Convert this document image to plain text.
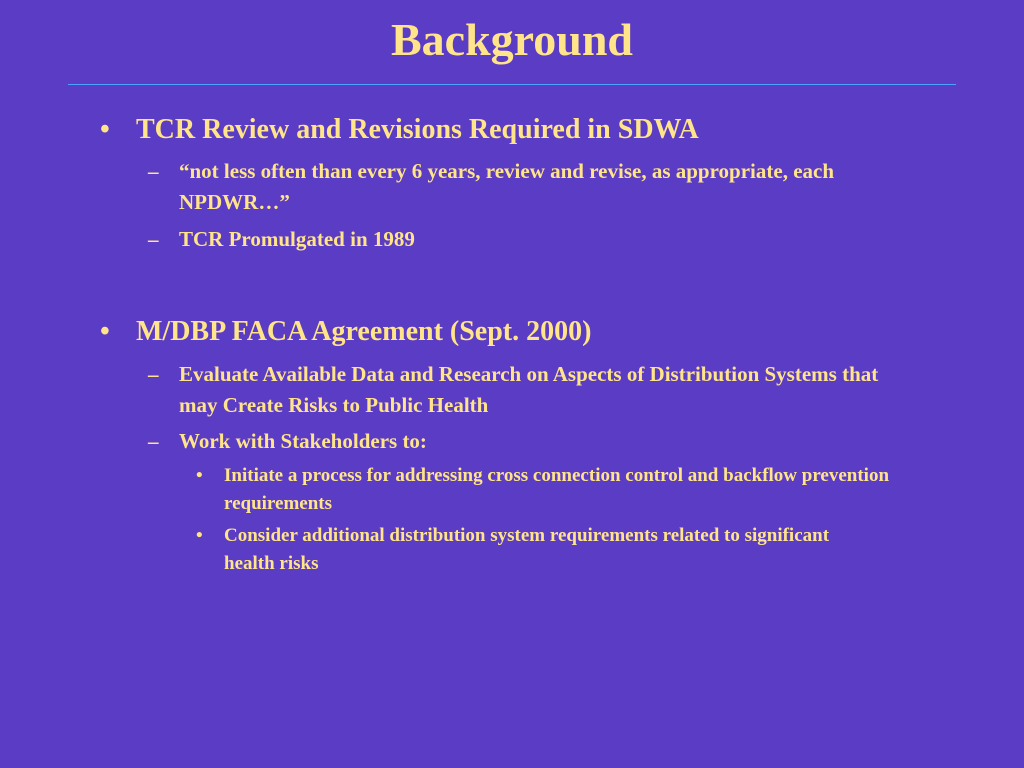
Background
• TCR Review and Revisions Required in SDWA
– “not less often than every 6 years, review and revise, as appropriate, each NPDWR…”
– TCR Promulgated in 1989
• M/DBP FACA Agreement (Sept. 2000)
– Evaluate Available Data and Research on Aspects of Distribution Systems that may Create Risks to Public Health
– Work with Stakeholders to:
•	Initiate a process for addressing cross connection control and backflow prevention requirements
•	Consider additional distribution system requirements related to significant health risks
